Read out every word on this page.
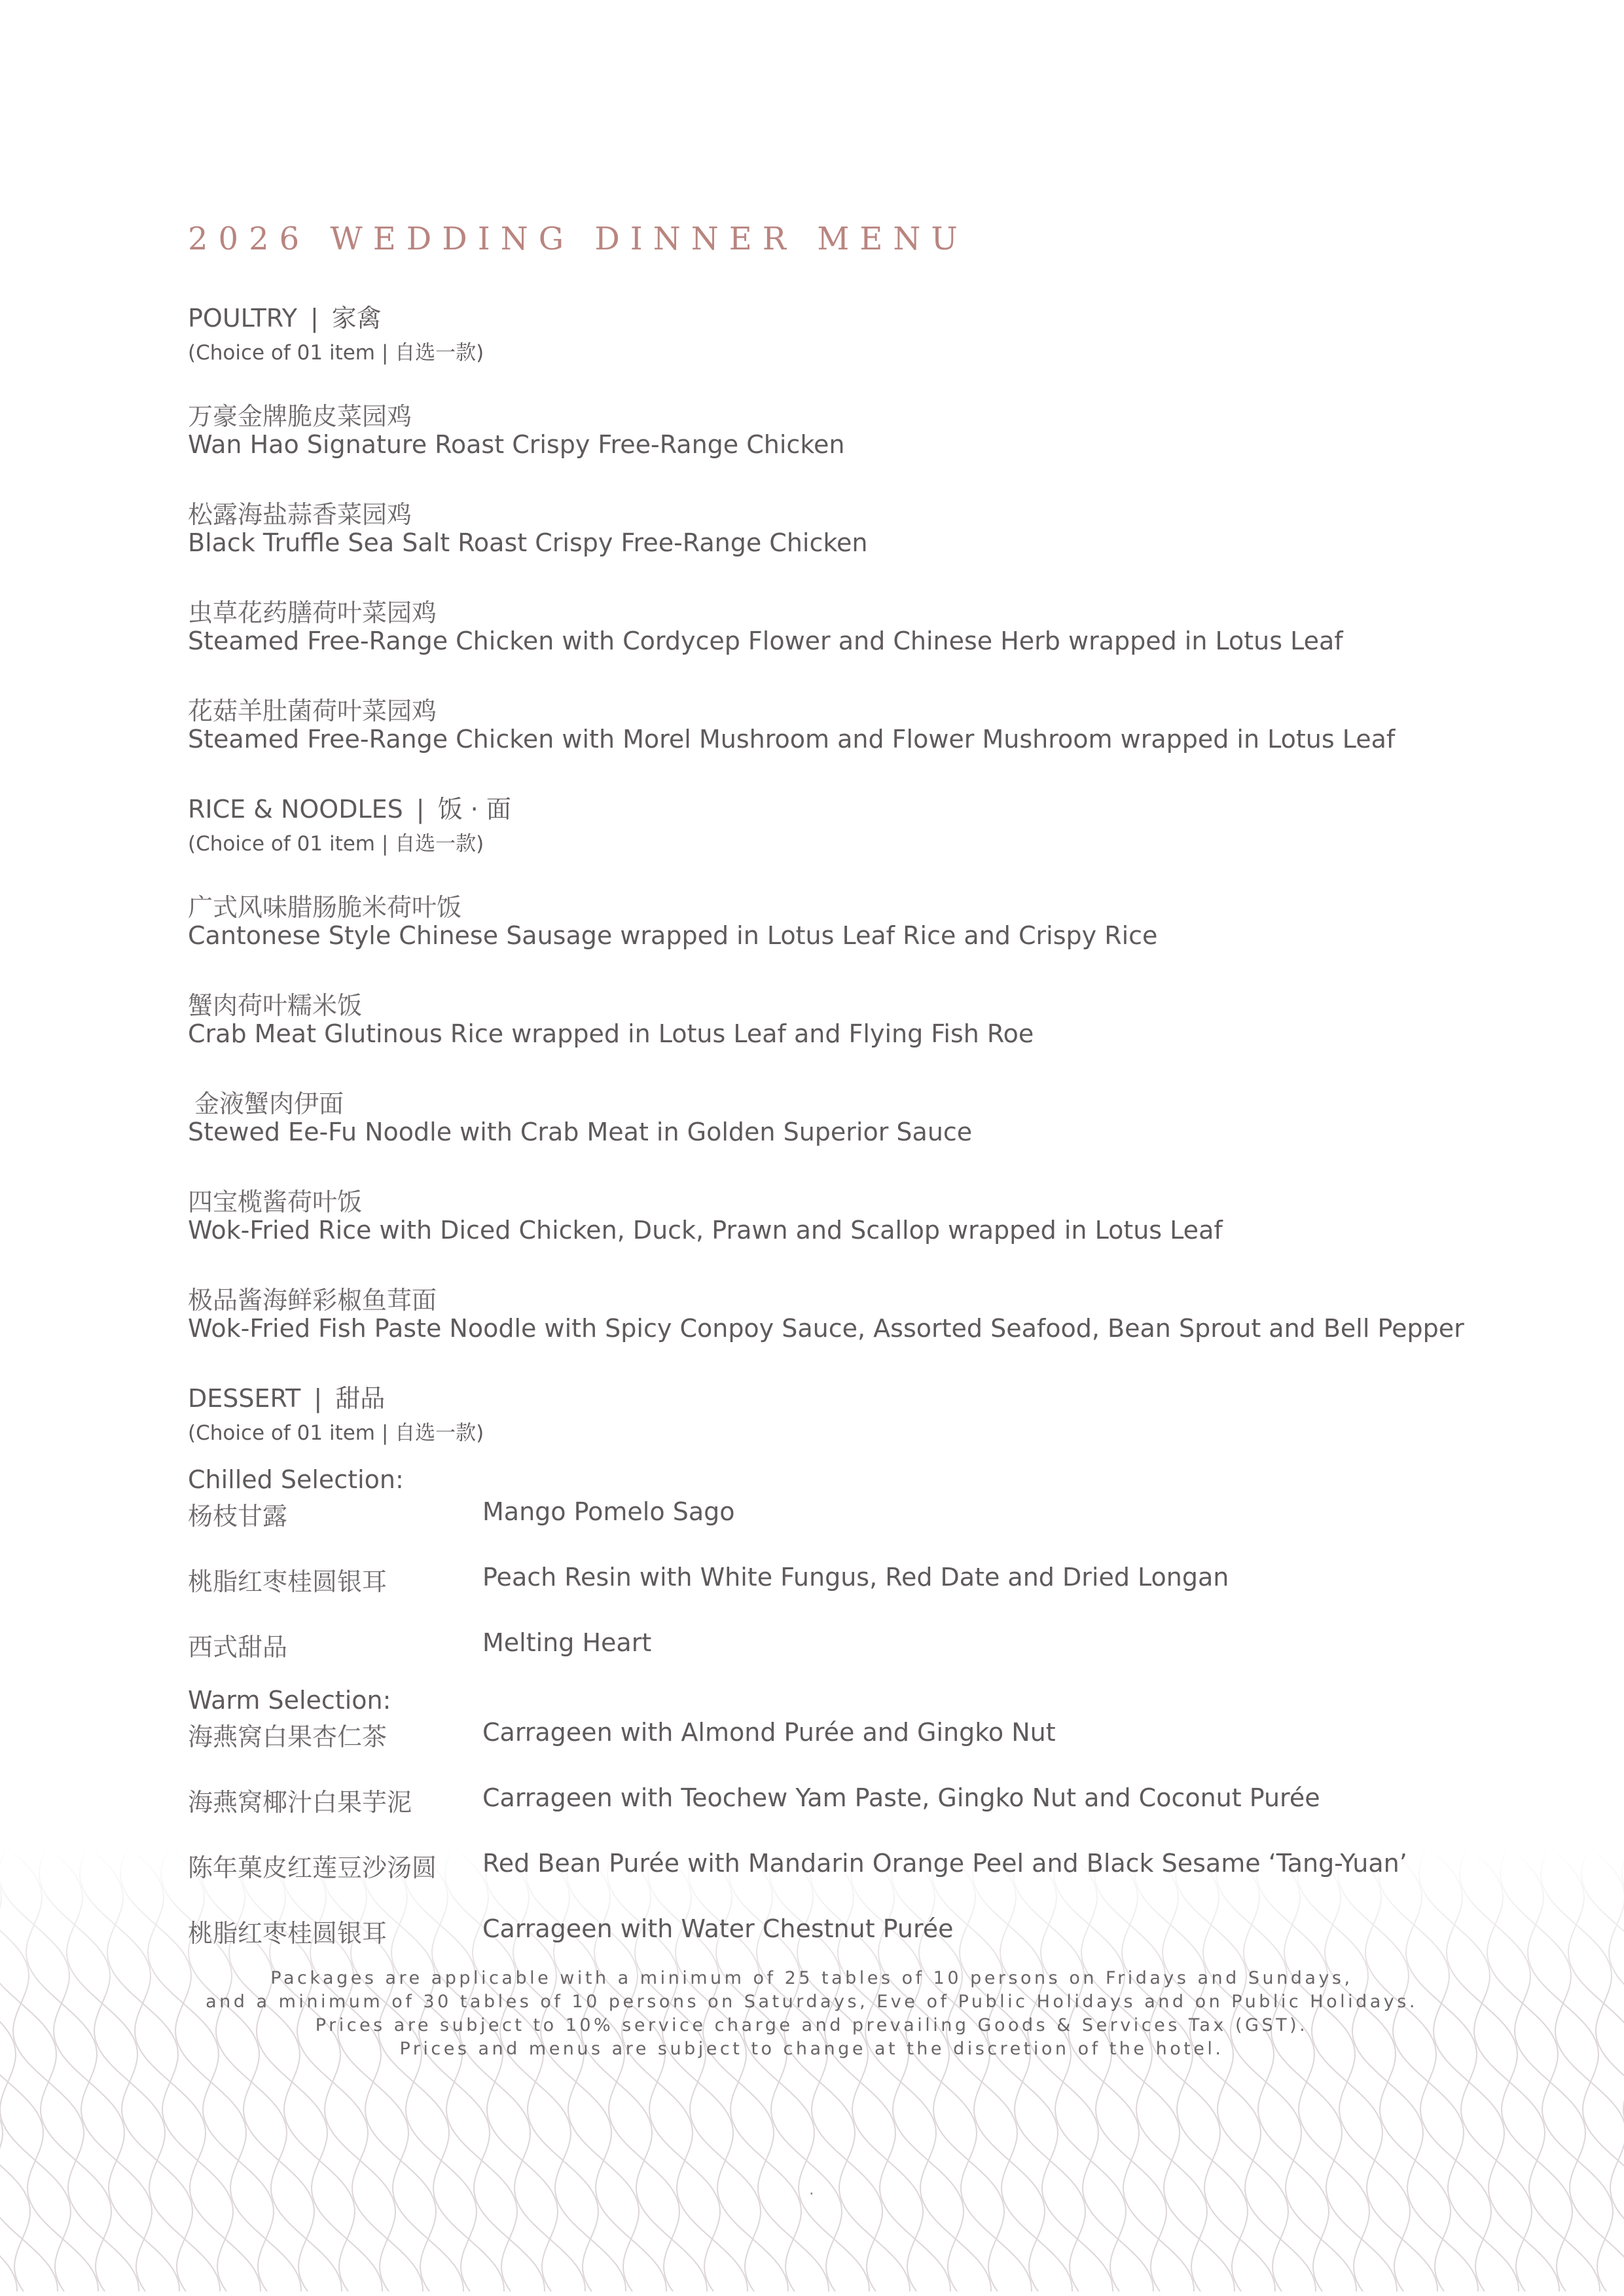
2026 WEDDING DINNER MENU
POULTRY | 家禽
(Choice of 01 item | 自选一款)
万豪金牌脆皮菜园鸡
Wan Hao Signature Roast Crispy Free-Range Chicken
松露海盐蒜香菜园鸡
Black Truffle Sea Salt Roast Crispy Free-Range Chicken
虫草花药膳荷叶菜园鸡
Steamed Free-Range Chicken with Cordycep Flower and Chinese Herb wrapped in Lotus Leaf
花菇羊肚菌荷叶菜园鸡
Steamed Free-Range Chicken with Morel Mushroom and Flower Mushroom wrapped in Lotus Leaf
RICE & NOODLES | 饭 · 面
(Choice of 01 item | 自选一款)
广式风味腊肠脆米荷叶饭
Cantonese Style Chinese Sausage wrapped in Lotus Leaf Rice and Crispy Rice
蟹肉荷叶糯米饭
Crab Meat Glutinous Rice wrapped in Lotus Leaf and Flying Fish Roe
金液蟹肉伊面
Stewed Ee-Fu Noodle with Crab Meat in Golden Superior Sauce
四宝榄酱荷叶饭
Wok-Fried Rice with Diced Chicken, Duck, Prawn and Scallop wrapped in Lotus Leaf
极品酱海鲜彩椒鱼茸面
Wok-Fried Fish Paste Noodle with Spicy Conpoy Sauce, Assorted Seafood, Bean Sprout and Bell Pepper
DESSERT | 甜品
(Choice of 01 item | 自选一款)
Chilled Selection:
杨枝甘露	Mango Pomelo Sago
桃脂红枣桂圆银耳	Peach Resin with White Fungus, Red Date and Dried Longan
西式甜品	Melting Heart
Warm Selection:
海燕窝白果杏仁茶	Carrageen with Almond Purée and Gingko Nut
海燕窝椰汁白果芋泥	Carrageen with Teochew Yam Paste, Gingko Nut and Coconut Purée
陈年菓皮红莲豆沙汤圆 Red Bean Purée with Mandarin Orange Peel and Black Sesame ‘Tang-Yuan’
桃脂红枣桂圆银耳	Carrageen with Water Chestnut Purée
Packages are applicable with a minimum of 25 tables of 10 persons on Fridays and Sundays,
and a minimum of 30 tables of 10 persons on Saturdays, Eve of Public Holidays and on Public Holidays.
Prices are subject to 10% service charge and prevailing Goods & Services Tax (GST).
Prices and menus are subject to change at the discretion of the hotel.
.
